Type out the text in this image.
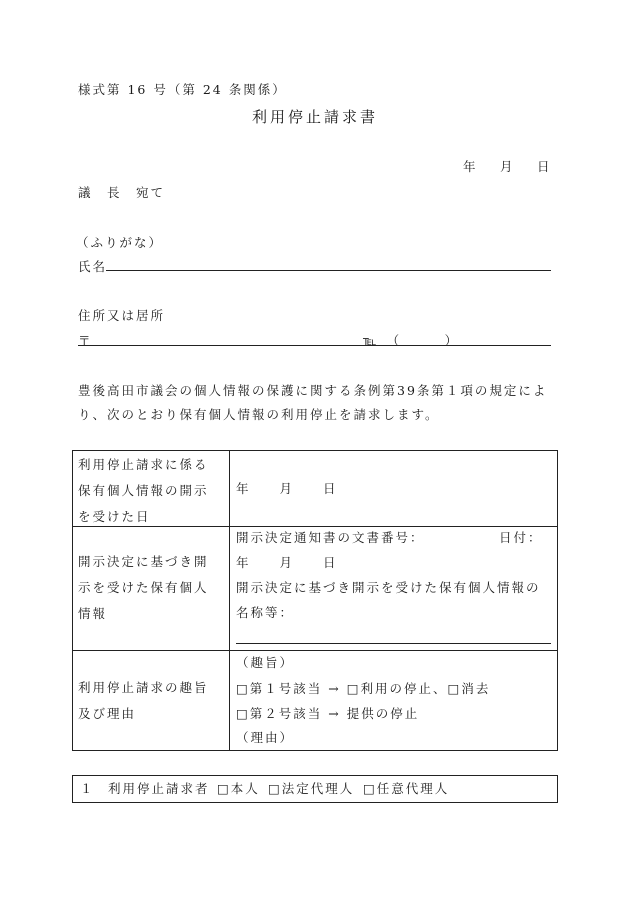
様式第 16 号（第 24 条関係）
利用停止請求書
年 月 日
議　長　宛て
（ふりがな）
氏名
住所又は居所
〒	℡　（　　　）
豊後高田市議会の個人情報の保護に関する条例第39条第１項の規定によ
り、次のとおり保有個人情報の利用停止を請求します。
利用停止請求に係る
保有個人情報の開示
を受けた日
年　　月　　日
開示決定に基づき開
示を受けた保有個人
情報
開示決定通知書の文書番号：	日付：
年　　月　　日
開示決定に基づき開示を受けた保有個人情報の
名称等：
利用停止請求の趣旨
及び理由
（趣旨）
□第１号該当 → □利用の停止、□消去
□第２号該当 → 提供の停止
（理由）
１ 利用停止請求者 □本人 □法定代理人 □任意代理人
